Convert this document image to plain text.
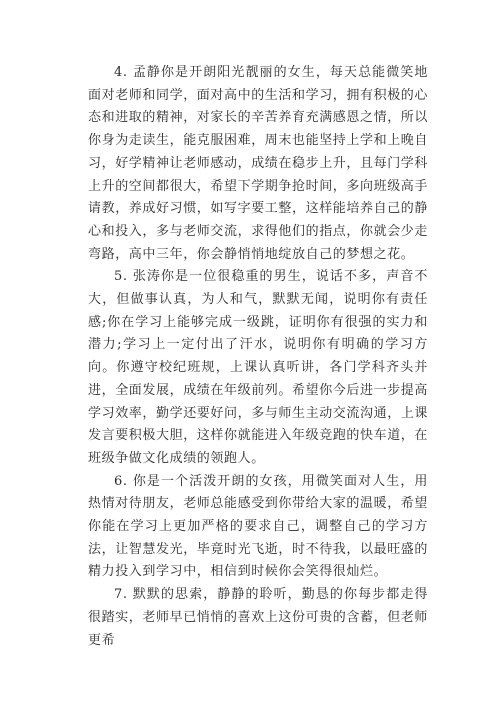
4. 孟静你是开朗阳光靓丽的女生，每天总能微笑地面对老师和同学，面对高中的生活和学习，拥有积极的心态和进取的精神，对家长的辛苦养育充满感恩之情，所以你身为走读生，能克服困难，周末也能坚持上学和上晚自习，好学精神让老师感动，成绩在稳步上升，且每门学科上升的空间都很大，希望下学期争抢时间，多向班级高手请教，养成好习惯，如写字要工整，这样能培养自己的静心和投入，多与老师交流，求得他们的指点，你就会少走弯路，高中三年，你会静悄悄地绽放自己的梦想之花。

5. 张涛你是一位很稳重的男生，说话不多，声音不大，但做事认真，为人和气，默默无闻，说明你有责任感;你在学习上能够完成一级跳，证明你有很强的实力和潜力;学习上一定付出了汗水，说明你有明确的学习方向。你遵守校纪班规，上课认真听讲，各门学科齐头并进，全面发展，成绩在年级前列。希望你今后进一步提高学习效率，勤学还要好问，多与师生主动交流沟通，上课发言要积极大胆，这样你就能进入年级竞跑的快车道，在班级争做文化成绩的领跑人。

6. 你是一个活泼开朗的女孩，用微笑面对人生，用热情对待朋友，老师总能感受到你带给大家的温暖，希望你能在学习上更加严格的要求自己，调整自己的学习方法，让智慧发光，毕竟时光飞逝，时不待我，以最旺盛的精力投入到学习中，相信到时候你会笑得很灿烂。

7. 默默的思索，静静的聆听，勤恳的你每步都走得很踏实，老师早已悄悄的喜欢上这份可贵的含蓄，但老师更希
